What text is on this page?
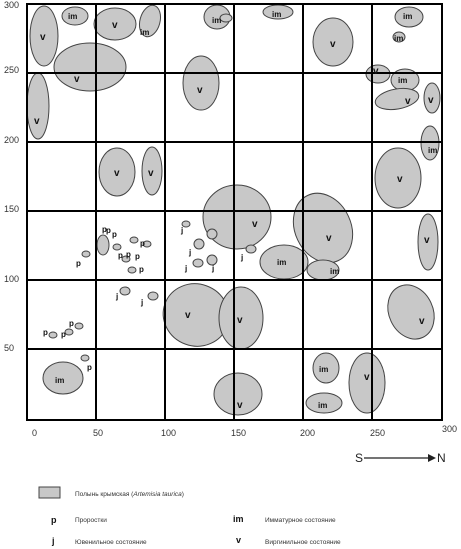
v
im
v
im
v
v
v
im
im
v
v
im
im
im
v v
v	v
v
v
im
v
im
im
v
v	v	v
im
im
v
im
v
p
p p
p p
p
p
p
p	j
j
j	j
j
j
j
p p
p
p
0	50	100	150	200	250	300
300
250
200
150
100
50
S	N
Полынь крымская (Artemisia taurica)
p	Проростки	im	Имматурное состояние
j	Ювенильное состояние	v	Виргинильное состояние
